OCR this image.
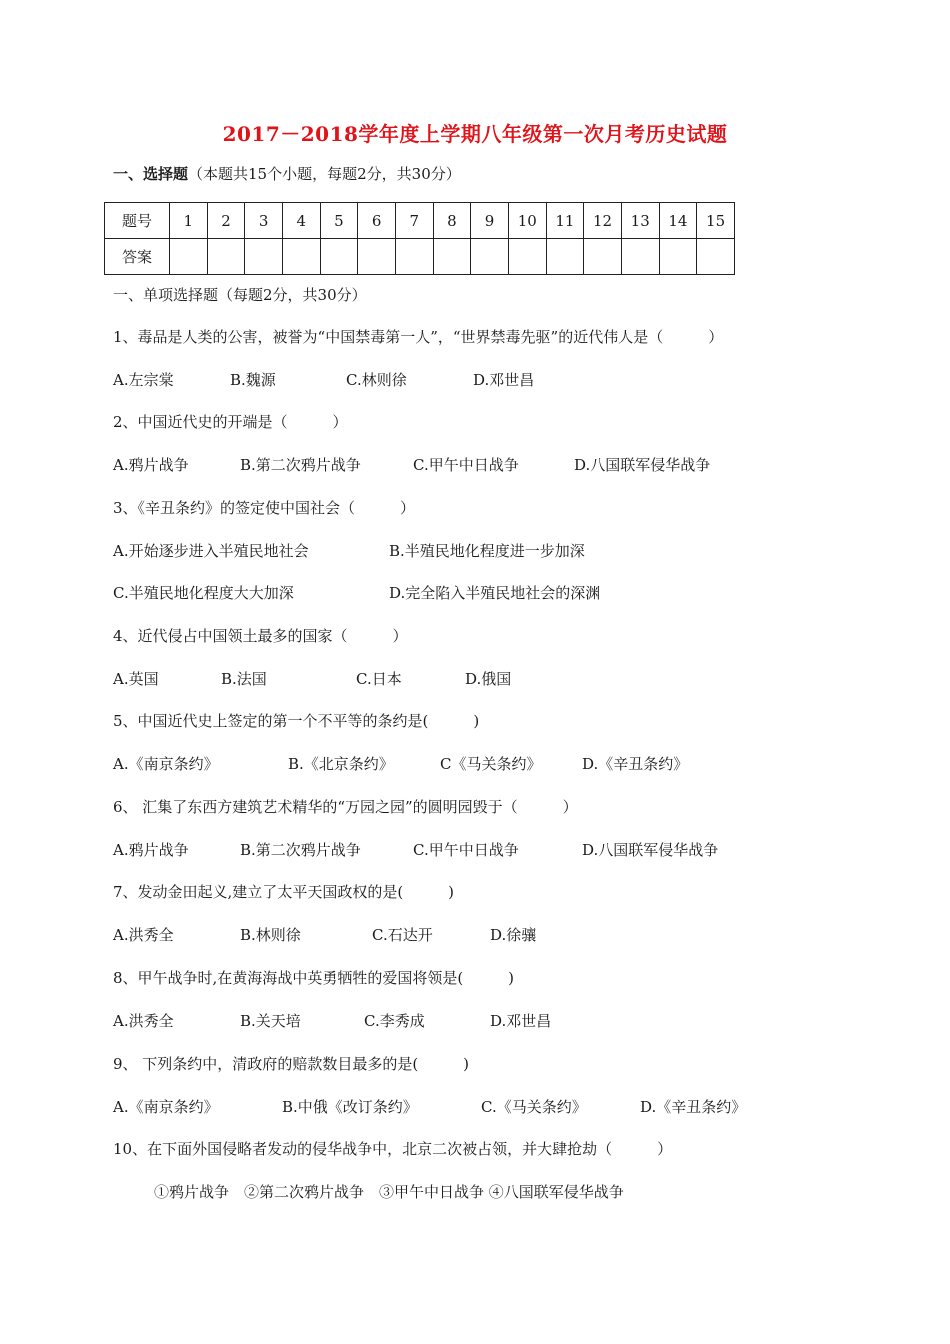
2017－2018学年度上学期八年级第一次月考历史试题
一、选择题（本题共15个小题，每题2分，共30分）
题号	1	2	3	4	5	6	7	8	9	10	11	12	13	14	15
答案															
一、单项选择题（每题2分，共30分）
1、毒品是人类的公害，被誉为“中国禁毒第一人”，“世界禁毒先驱”的近代伟人是（　　　）
A.左宗棠	B.魏源	C.林则徐	D.邓世昌
2、中国近代史的开端是（　　　）
A.鸦片战争	B.第二次鸦片战争	C.甲午中日战争	D.八国联军侵华战争
3、《辛丑条约》的签定使中国社会（　　　）
A.开始逐步进入半殖民地社会	B.半殖民地化程度进一步加深
C.半殖民地化程度大大加深	D.完全陷入半殖民地社会的深渊
4、近代侵占中国领土最多的国家（　　　）
A.英国	B.法国	C.日本	D.俄国
5、中国近代史上签定的第一个不平等的条约是(　　　)
A.《南京条约》	B.《北京条约》	C《马关条约》	D.《辛丑条约》
6、 汇集了东西方建筑艺术精华的“万园之园”的圆明园毁于（　　　）
A.鸦片战争	B.第二次鸦片战争	C.甲午中日战争	D.八国联军侵华战争
7、发动金田起义,建立了太平天国政权的是(　　　)
A.洪秀全	B.林则徐	C.石达开	D.徐骧
8、甲午战争时,在黄海海战中英勇牺牲的爱国将领是(　　　)
A.洪秀全	B.关天培	C.李秀成	D.邓世昌
9、 下列条约中，清政府的赔款数目最多的是(　　　)
A.《南京条约》	B.中俄《改订条约》	C.《马关条约》	D.《辛丑条约》
10、在下面外国侵略者发动的侵华战争中，北京二次被占领，并大肆抢劫（　　　）
①鸦片战争　②第二次鸦片战争　③甲午中日战争 ④八国联军侵华战争
